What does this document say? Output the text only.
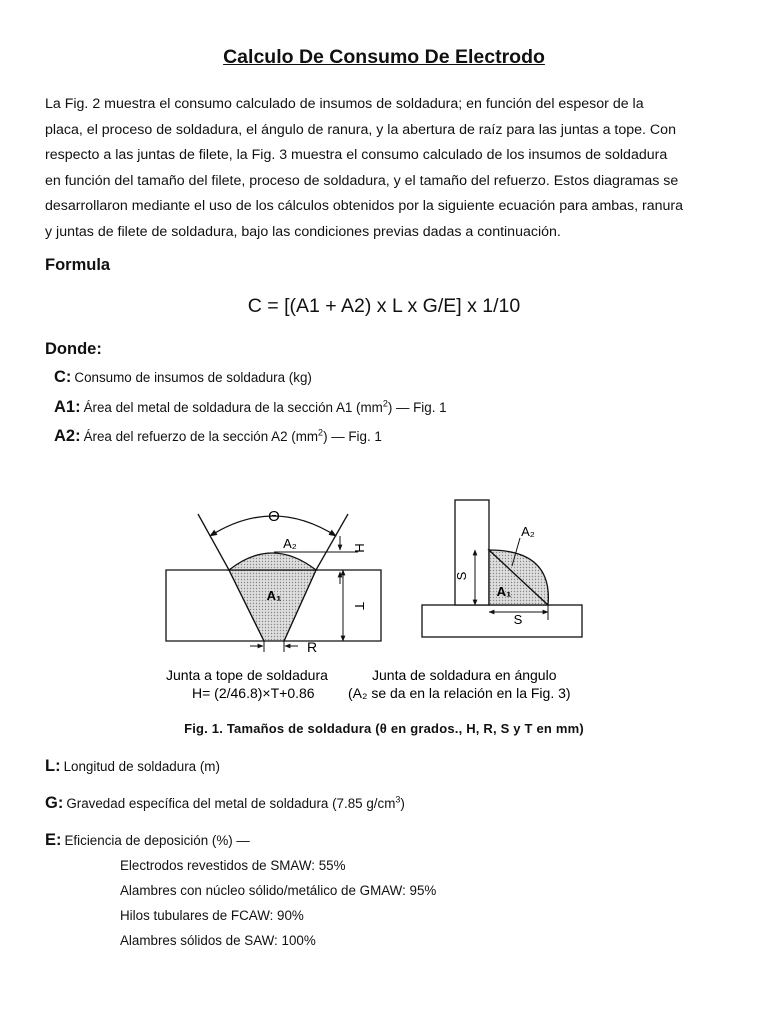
Calculo De Consumo De Electrodo
La Fig. 2 muestra el consumo calculado de insumos de soldadura; en función del espesor de la
placa, el proceso de soldadura, el ángulo de ranura, y la abertura de raíz para las juntas a tope. Con
respecto a las juntas de filete, la Fig. 3 muestra el consumo calculado de los insumos de soldadura
en función del tamaño del filete, proceso de soldadura, y el tamaño del refuerzo. Estos diagramas se
desarrollaron mediante el uso de los cálculos obtenidos por la siguiente ecuación para ambas, ranura
y juntas de filete de soldadura, bajo las condiciones previas dadas a continuación.
Formula
C = [(A1 + A2) x L x G/E] x 1/10
Donde:
C: Consumo de insumos de soldadura (kg)
A1: Área del metal de soldadura de la sección A1 $(mm^2)$ — Fig. 1
A2: Área del refuerzo de la sección A2 $(mm^2)$ — Fig. 1
Θ
A₂	H
A₁
T
R
A₂
A₁
S
S
Junta a tope de soldadura	Junta de soldadura en ángulo
H= (2/46.8)×T+0.86 (A₂ se da en la relación en la Fig. 3)
Fig. 1. Tamaños de soldadura (θ en grados., H, R, S y T en mm)
L: Longitud de soldadura (m)
G: Gravedad específica del metal de soldadura (7.85 $g/cm^3$)
E: Eficiencia de deposición (%) —
Electrodos revestidos de SMAW: 55%
Alambres con núcleo sólido/metálico de GMAW: 95%
Hilos tubulares de FCAW: 90%
Alambres sólidos de SAW: 100%
